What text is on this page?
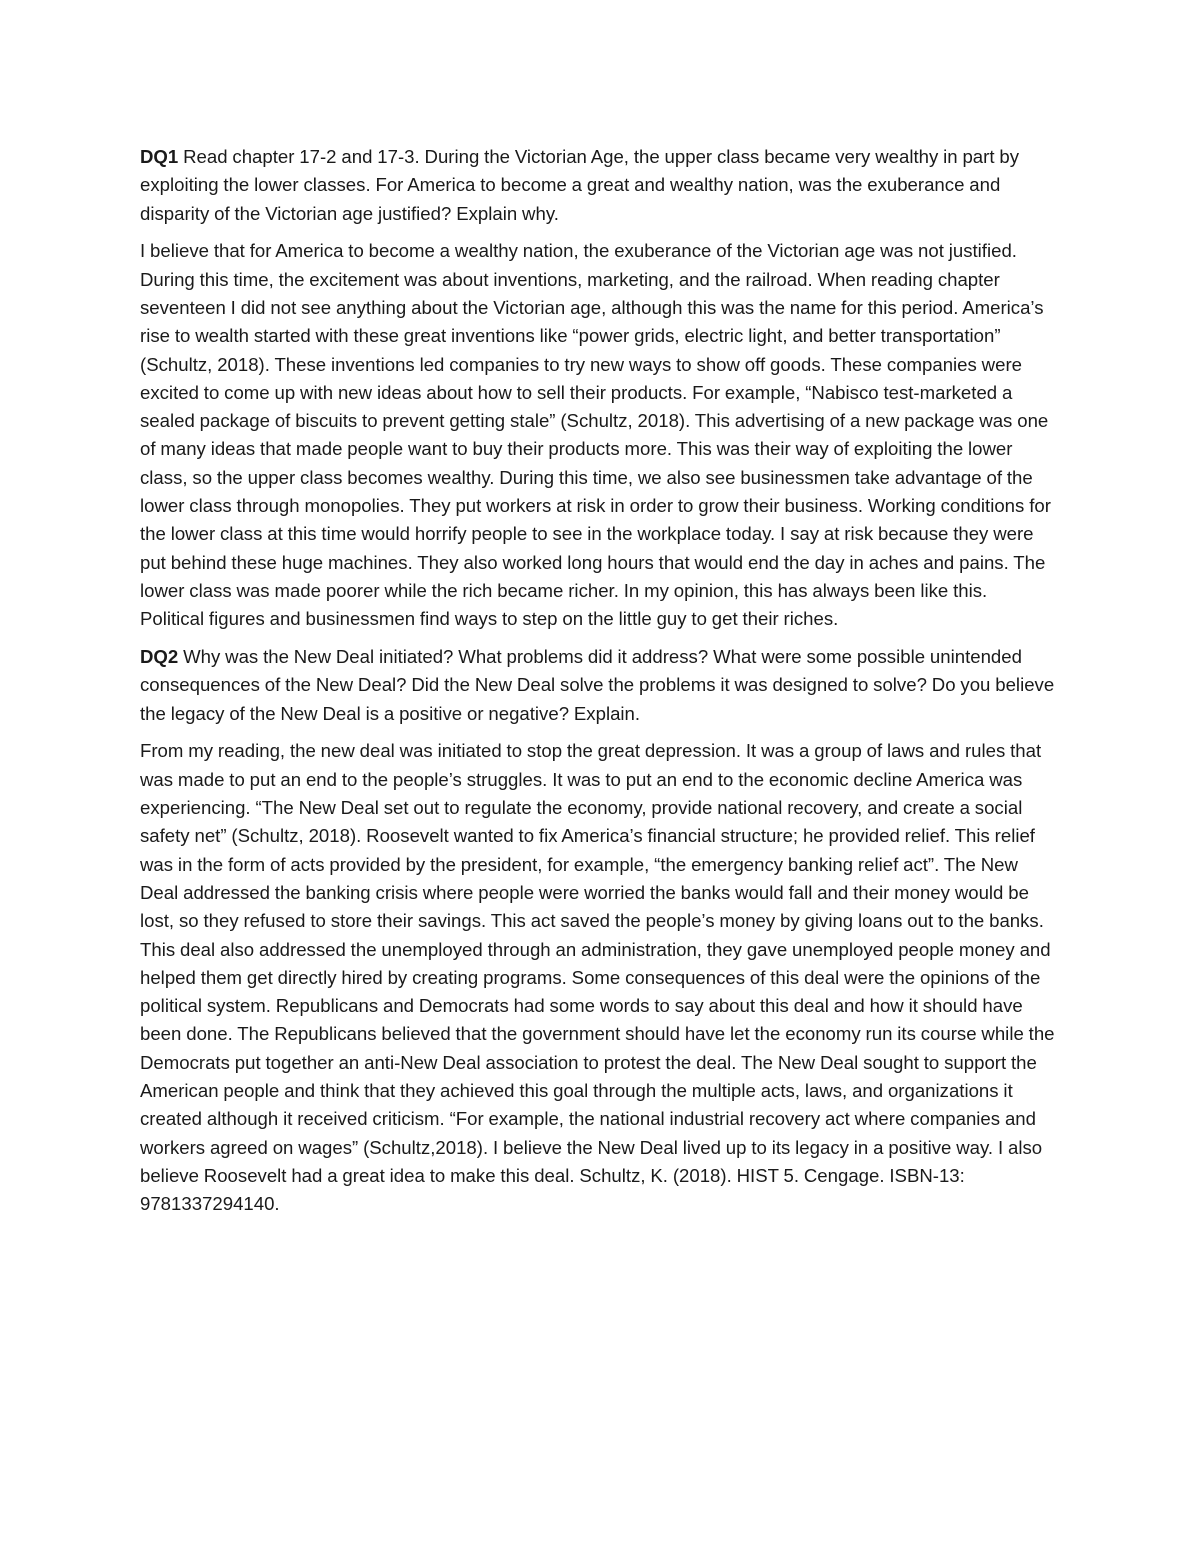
DQ1 Read chapter 17-2 and 17-3. During the Victorian Age, the upper class became very wealthy in part by exploiting the lower classes. For America to become a great and wealthy nation, was the exuberance and disparity of the Victorian age justified? Explain why.

I believe that for America to become a wealthy nation, the exuberance of the Victorian age was not justified. During this time, the excitement was about inventions, marketing, and the railroad. When reading chapter seventeen I did not see anything about the Victorian age, although this was the name for this period. America’s rise to wealth started with these great inventions like “power grids, electric light, and better transportation” (Schultz, 2018). These inventions led companies to try new ways to show off goods. These companies were excited to come up with new ideas about how to sell their products. For example, “Nabisco test-marketed a sealed package of biscuits to prevent getting stale” (Schultz, 2018). This advertising of a new package was one of many ideas that made people want to buy their products more. This was their way of exploiting the lower class, so the upper class becomes wealthy. During this time, we also see businessmen take advantage of the lower class through monopolies. They put workers at risk in order to grow their business. Working conditions for the lower class at this time would horrify people to see in the workplace today. I say at risk because they were put behind these huge machines. They also worked long hours that would end the day in aches and pains. The lower class was made poorer while the rich became richer. In my opinion, this has always been like this. Political figures and businessmen find ways to step on the little guy to get their riches.

DQ2 Why was the New Deal initiated? What problems did it address? What were some possible unintended consequences of the New Deal? Did the New Deal solve the problems it was designed to solve? Do you believe the legacy of the New Deal is a positive or negative? Explain.

From my reading, the new deal was initiated to stop the great depression. It was a group of laws and rules that was made to put an end to the people’s struggles. It was to put an end to the economic decline America was experiencing. “The New Deal set out to regulate the economy, provide national recovery, and create a social safety net” (Schultz, 2018). Roosevelt wanted to fix America’s financial structure; he provided relief. This relief was in the form of acts provided by the president, for example, “the emergency banking relief act”. The New Deal addressed the banking crisis where people were worried the banks would fall and their money would be lost, so they refused to store their savings. This act saved the people’s money by giving loans out to the banks. This deal also addressed the unemployed through an administration, they gave unemployed people money and helped them get directly hired by creating programs. Some consequences of this deal were the opinions of the political system. Republicans and Democrats had some words to say about this deal and how it should have been done. The Republicans believed that the government should have let the economy run its course while the Democrats put together an anti-New Deal association to protest the deal. The New Deal sought to support the American people and think that they achieved this goal through the multiple acts, laws, and organizations it created although it received criticism. “For example, the national industrial recovery act where companies and workers agreed on wages” (Schultz,2018). I believe the New Deal lived up to its legacy in a positive way. I also believe Roosevelt had a great idea to make this deal. Schultz, K. (2018). HIST 5. Cengage. ISBN-13: 9781337294140.
